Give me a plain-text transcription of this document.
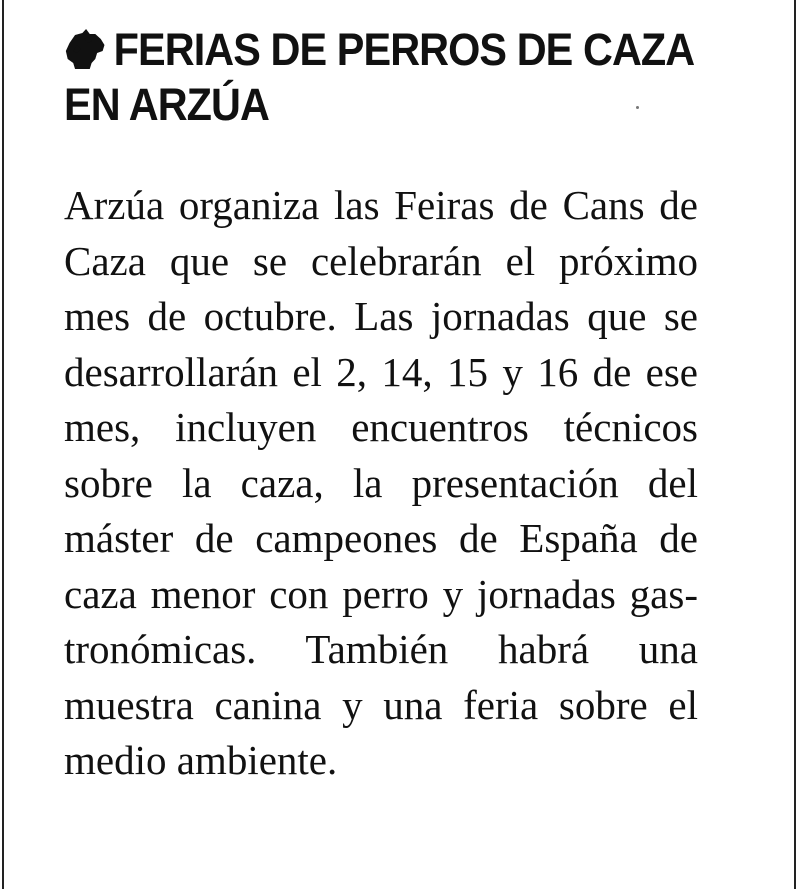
FERIAS DE PERROS DE CAZA EN ARZÚA

Arzúa organiza las Feiras de Cans de Caza que se celebrarán el próximo mes de octubre. Las jornadas que se desarrollarán el 2, 14, 15 y 16 de ese mes, incluyen encuentros técnicos sobre la caza, la presentación del máster de campeones de España de caza menor con perro y jornadas gastronómicas. También habrá una muestra canina y una feria sobre el medio ambiente.
